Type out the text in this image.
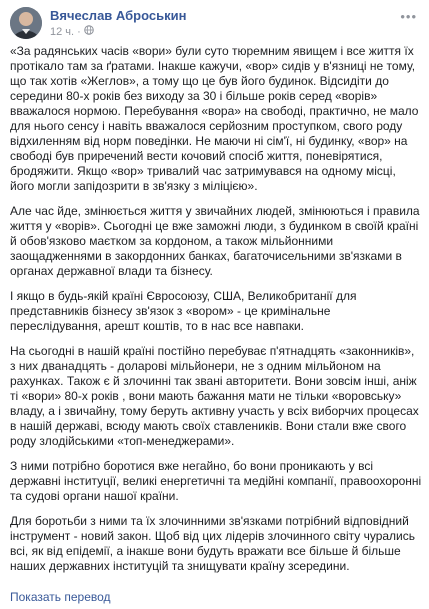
Вячеслав Аброськин
12 ч. ·
•••

«За радянських часів «вори» були суто тюремним явищем і все життя їх протікало там за ґратами. Інакше кажучи, «вор» сидів у в'язниці не тому, що так хотів «Жеглов», а тому що це був його будинок. Відсидіти до середини 80-х років без виходу за 30 і більше років серед «ворів» вважалося нормою. Перебування «вора» на свободі, практично, не мало для нього сенсу і навіть вважалося серйозним проступком, свого роду відхиленням від норм поведінки. Не маючи ні сім'ї, ні будинку, «вор» на свободі був приречений вести кочовий спосіб життя, поневірятися, бродяжити. Якщо «вор» тривалий час затримувався на одному місці, його могли запідозрити в зв'язку з міліцією».

Але час йде, змінюється життя у звичайних людей, змінюються і правила життя у «ворів». Сьогодні це вже заможні люди, з будинком в своїй країні й обов'язково маєтком за кордоном, а також мільйонними заощадженнями в закордонних банках, багаточисельними зв'язками в органах державної влади та бізнесу.

І якщо в будь-якій країні Євросоюзу, США, Великобританії для представників бізнесу зв'язок з «вором» - це кримінальне переслідування, арешт коштів, то в нас все навпаки.

На сьогодні в нашій країні постійно перебуває п'ятнадцять «законників», з них дванадцять - доларові мільйонери, не з одним мільйоном на рахунках. Також є й злочинні так звані авторитети. Вони зовсім інші, аніж ті «вори» 80-х років , вони мають бажання мати не тільки «воровську» владу, а і звичайну, тому беруть активну участь у всіх виборчих процесах в нашій державі, всюду мають своїх ставлеників. Вони стали вже свого роду злодійськими «топ-менеджерами».

З ними потрібно боротися вже негайно, бо вони проникають у всі державні інституції, великі енергетичні та медійні компанії, правоохоронні та судові органи нашої країни.

Для боротьби з ними та їх злочинними зв'язками потрібний відповідний інструмент - новий закон. Щоб від цих лідерів злочинного світу чурались всі, як від епідемії, а інакше вони будуть вражати все більше й більше наших державних інституцій та знищувати країну зсередини.

Показать перевод
